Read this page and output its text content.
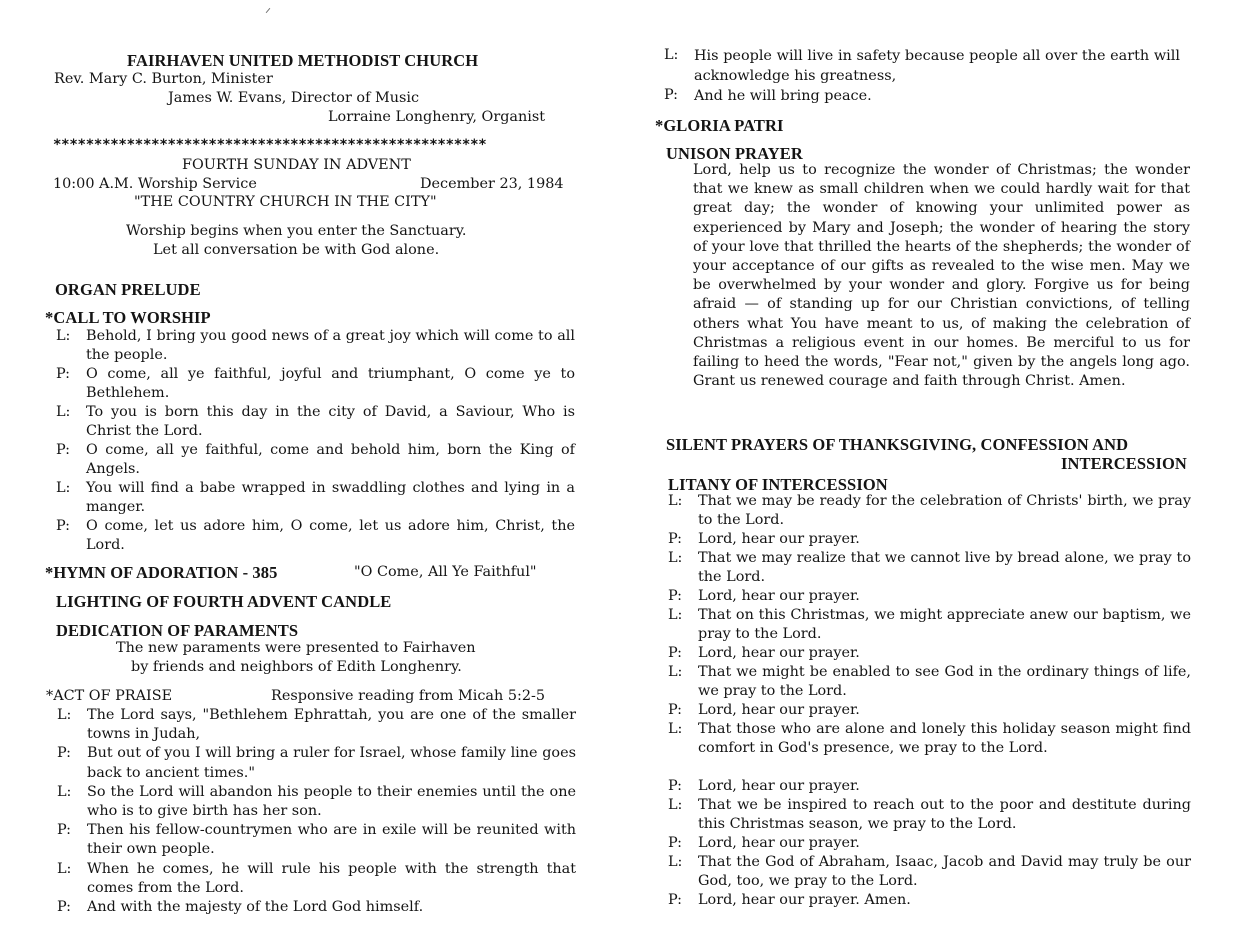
FAIRHAVEN UNITED METHODIST CHURCH
Rev. Mary C. Burton, Minister
James W. Evans, Director of Music
Lorraine Longhenry, Organist
*****************************************************
FOURTH SUNDAY IN ADVENT
10:00 A.M. Worship Service	December 23, 1984
"THE COUNTRY CHURCH IN THE CITY"
Worship begins when you enter the Sanctuary.
Let all conversation be with God alone.
ORGAN PRELUDE
*CALL TO WORSHIP
L: Behold, I bring you good news of a great joy which will come to all the people.
P: O come, all ye faithful, joyful and triumphant, O come ye to Bethlehem.
L: To you is born this day in the city of David, a Saviour, Who is Christ the Lord.
P: O come, all ye faithful, come and behold him, born the King of Angels.
L: You will find a babe wrapped in swaddling clothes and lying in a manger.
P: O come, let us adore him, O come, let us adore him, Christ, the Lord.
*HYMN OF ADORATION - 385	"O Come, All Ye Faithful"
LIGHTING OF FOURTH ADVENT CANDLE
DEDICATION OF PARAMENTS
The new paraments were presented to Fairhaven
by friends and neighbors of Edith Longhenry.
*ACT OF PRAISE	Responsive reading from Micah 5:2-5
L: The Lord says, "Bethlehem Ephrattah, you are one of the smaller towns in Judah,
P: But out of you I will bring a ruler for Israel, whose family line goes back to ancient times."
L: So the Lord will abandon his people to their enemies until the one who is to give birth has her son.
P: Then his fellow-countrymen who are in exile will be reunited with their own people.
L: When he comes, he will rule his people with the strength that comes from the Lord.
P: And with the majesty of the Lord God himself.
L: His people will live in safety because people all over the earth will acknowledge his greatness,
P: And he will bring peace.
*GLORIA PATRI
UNISON PRAYER
Lord, help us to recognize the wonder of Christmas; the wonder that we knew as small children when we could hardly wait for that great day; the wonder of knowing your unlimited power as experienced by Mary and Joseph; the wonder of hearing the story of your love that thrilled the hearts of the shepherds; the wonder of your acceptance of our gifts as revealed to the wise men. May we be overwhelmed by your wonder and glory. Forgive us for being afraid — of standing up for our Christian convictions, of telling others what You have meant to us, of making the celebration of Christmas a religious event in our homes. Be merciful to us for failing to heed the words, "Fear not," given by the angels long ago. Grant us renewed courage and faith through Christ. Amen.
SILENT PRAYERS OF THANKSGIVING, CONFESSION AND
INTERCESSION
LITANY OF INTERCESSION
L: That we may be ready for the celebration of Christs' birth, we pray to the Lord.
P: Lord, hear our prayer.
L: That we may realize that we cannot live by bread alone, we pray to the Lord.
P: Lord, hear our prayer.
L: That on this Christmas, we might appreciate anew our baptism, we pray to the Lord.
P: Lord, hear our prayer.
L: That we might be enabled to see God in the ordinary things of life, we pray to the Lord.
P: Lord, hear our prayer.
L: That those who are alone and lonely this holiday season might find comfort in God's presence, we pray to the Lord.
P: Lord, hear our prayer.
L: That we be inspired to reach out to the poor and destitute during this Christmas season, we pray to the Lord.
P: Lord, hear our prayer.
L: That the God of Abraham, Isaac, Jacob and David may truly be our God, too, we pray to the Lord.
P: Lord, hear our prayer. Amen.
